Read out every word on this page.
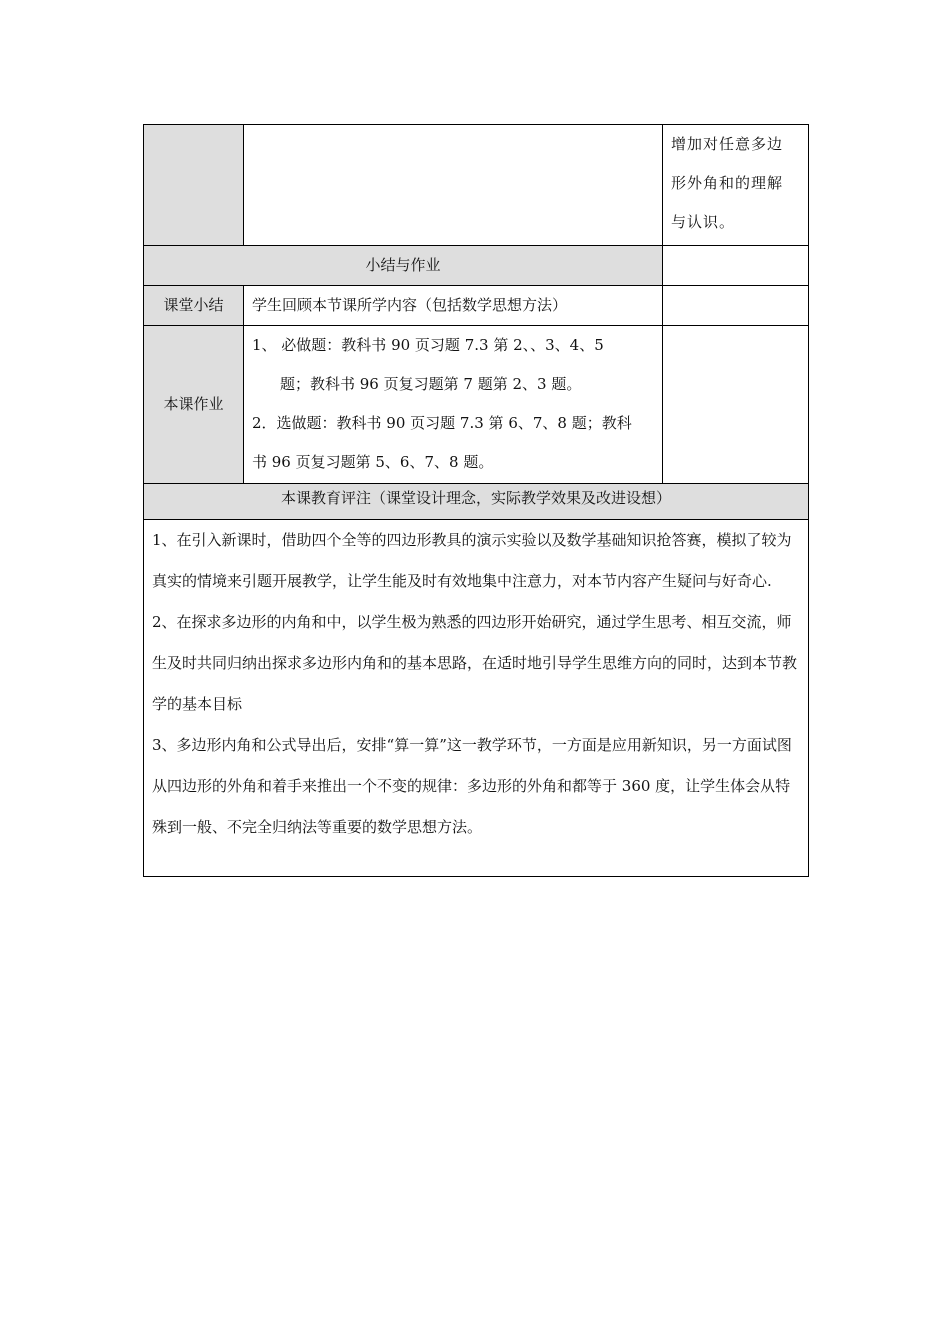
		增加对任意多边
形外角和的理解
与认识。

小结与作业		
课堂小结	学生回顾本节课所学内容（包括数学思想方法）	
本课作业	1、 必做题：教科书 90 页习题 7.3 第 2、、3、4、5
题；教科书 96 页复习题第 7 题第 2、3 题。
2．选做题：教科书 90 页习题 7.3 第 6、7、8 题；教科
书 96 页复习题第 5、6、7、8 题。	

本课教育评注（课堂设计理念，实际教学效果及改进设想）		

1、在引入新课时，借助四个全等的四边形教具的演示实验以及数学基础知识抢答赛，模拟了较为真实的情境来引题开展教学，让学生能及时有效地集中注意力，对本节内容产生疑问与好奇心.
2、在探求多边形的内角和中，以学生极为熟悉的四边形开始研究，通过学生思考、相互交流，师生及时共同归纳出探求多边形内角和的基本思路，在适时地引导学生思维方向的同时，达到本节教学的基本目标
3、多边形内角和公式导出后，安排“算一算”这一教学环节，一方面是应用新知识，另一方面试图从四边形的外角和着手来推出一个不变的规律：多边形的外角和都等于 360 度，让学生体会从特殊到一般、不完全归纳法等重要的数学思想方法。		
